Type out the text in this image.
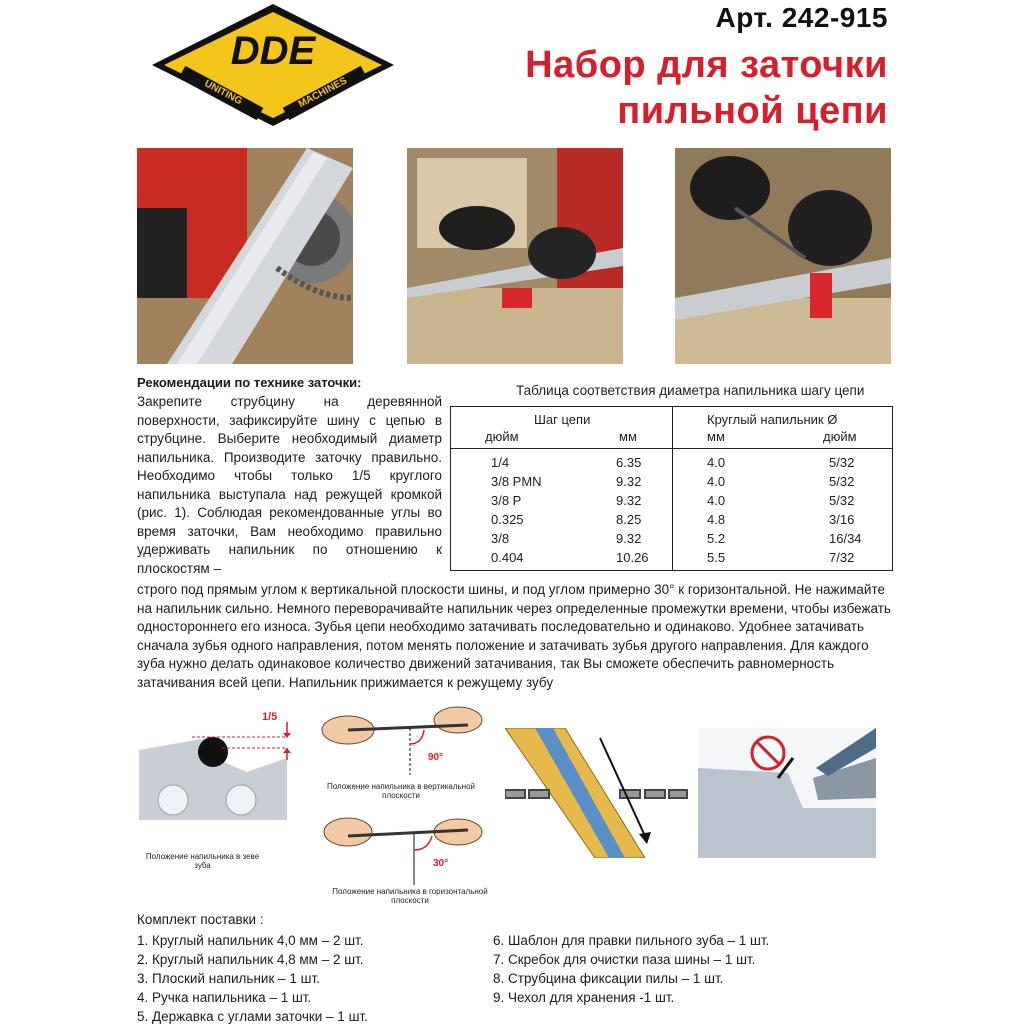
DDE
UNITING	MACHINES
Арт. 242-915
Набор для заточки
пильной цепи
Рекомендации по технике заточки:
Закрепите струбцину на деревянной поверхности, зафиксируйте шину с цепью в струбцине. Выберите необходимый диаметр напильника. Производите заточку правильно. Необходимо чтобы только 1/5 круглого напильника выступала над режущей кромкой (рис. 1). Соблюдая рекомендованные углы во время заточки, Вам необходимо правильно удерживать напильник по отношению к плоскостям –
строго под прямым углом к вертикальной плоскости шины, и под углом примерно 30° к горизонтальной. Не нажимайте на напильник сильно. Немного переворачивайте напильник через определенные промежутки времени, чтобы избежать одностороннего его износа. Зубья цепи необходимо затачивать последовательно и одинаково. Удобнее затачивать сначала зубья одного направления, потом менять положение и затачивать зубья другого направления. Для каждого зуба нужно делать одинаковое количество движений затачивания, так Вы сможете обеспечить равномерность затачивания всей цепи. Напильник прижимается к режущему зубу
Таблица соответствия диаметра напильника шагу цепи
Шаг цепи	Круглый напильник Ø
дюйм	мм	мм	дюйм
1/4	6.35	4.0	5/32
3/8 PMN	9.32	4.0	5/32
3/8 P	9.32	4.0	5/32
0.325	8.25	4.8	3/16
3/8	9.32	5.2	16/34
0.404	10.26	5.5	7/32
1/5
Положение напильника в зеве зуба
90°
Положение напильника в вертикальной плоскости
30°
Положение напильника в горизонтальной плоскости
Комплект поставки :
1. Круглый напильник 4,0 мм – 2 шт.
2. Круглый напильник 4,8 мм – 2 шт.
3. Плоский напильник – 1 шт.
4. Ручка напильника – 1 шт.
5. Державка с углами заточки – 1 шт.
6. Шаблон для правки пильного зуба – 1 шт.
7. Скребок для очистки паза шины – 1 шт.
8. Струбцина фиксации пилы – 1 шт.
9. Чехол для хранения -1 шт.
